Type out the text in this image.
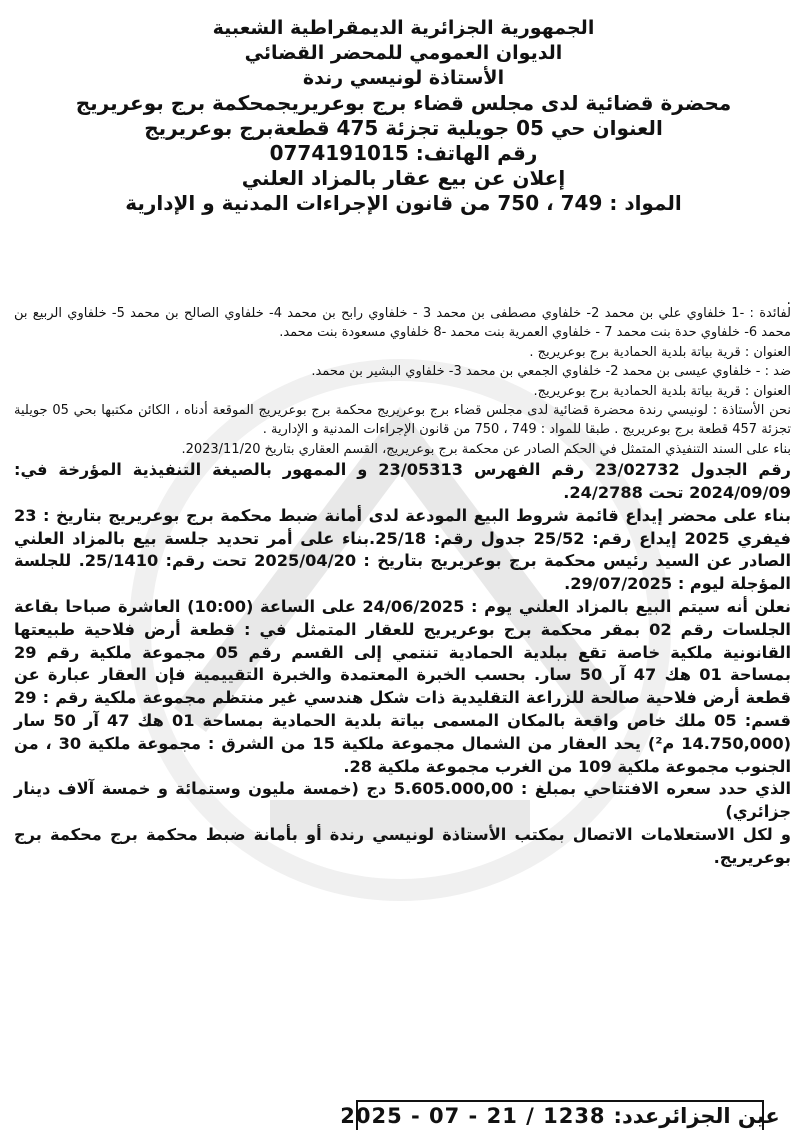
الجمهورية الجزائرية الديمقراطية الشعبية
الديوان العمومي للمحضر القضائي
الأستاذة لونيسي رندة
محضرة قضائية لدى مجلس قضاء برج بوعريريجمحكمة برج بوعريريج
العنوان حي 05 جويلية تجزئة 475 قطعةبرج بوعريريج
رقم الهاتف: 0774191015
إعلان عن بيع عقار بالمزاد العلني
المواد : 749 ، 750 من قانون الإجراءات المدنية و الإدارية
.

لفائدة : -1 خلفاوي علي بن محمد 2- خلفاوي مصطفى بن محمد 3 - خلفاوي رابح بن محمد 4- خلفاوي الصالح بن محمد 5- خلفاوي الربيع بن محمد 6- خلفاوي حدة بنت محمد 7 - خلفاوي العمرية بنت محمد -8 خلفاوي مسعودة بنت محمد.

العنوان : قرية بياتة بلدية الحمادية برج بوعريريج .

ضد : - خلفاوي عيسى بن محمد 2- خلفاوي الجمعي بن محمد 3- خلفاوي البشير بن محمد.

العنوان : قرية بياتة بلدية الحمادية برج بوعريريج.

نحن الأستاذة : لونيسي رندة محضرة قضائية لدى مجلس قضاء برج بوعريريج محكمة برج بوعريريج الموقعة أدناه ، الكائن مكتبها بحي 05 جويلية تجزئة 457 قطعة برج بوعريريج . طبقا للمواد : 749 ، 750 من قانون الإجراءات المدنية و الإدارية .

بناء على السند التنفيذي المتمثل في الحكم الصادر عن محكمة برج بوعريريج، القسم العقاري بتاريخ 2023/11/20.

رقم الجدول 23/02732 رقم الفهرس 23/05313 و الممهور بالصيغة التنفيذية المؤرخة في: 2024/09/09 تحت 24/2788.

بناء على محضر إيداع قائمة شروط البيع المودعة لدى أمانة ضبط محكمة برج بوعريريج بتاريخ : 23 فيفري 2025 إيداع رقم: 25/52 جدول رقم: 25/18.بناء على أمر تحديد جلسة بيع بالمزاد العلني الصادر عن السيد رئيس محكمة برج بوعريريج بتاريخ : 2025/04/20 تحت رقم: 25/1410. للجلسة المؤجلة ليوم : 29/07/2025.

نعلن أنه سيتم البيع بالمزاد العلني يوم : 24/06/2025 على الساعة (10:00) العاشرة صباحا بقاعة الجلسات رقم 02 بمقر محكمة برج بوعريريج للعقار المتمثل في : قطعة أرض فلاحية طبيعتها القانونية ملكية خاصة تقع ببلدية الحمادية تنتمي إلى القسم رقم 05 مجموعة ملكية رقم 29 بمساحة 01 هك 47 آر 50 سار. بحسب الخبرة المعتمدة والخبرة التقييمية فإن العقار عبارة عن قطعة أرض فلاحية صالحة للزراعة التقليدية ذات شكل هندسي غير منتظم مجموعة ملكية رقم : 29 قسم: 05 ملك خاص واقعة بالمكان المسمى بياتة بلدية الحمادية بمساحة 01 هك 47 آر 50 سار (14.750,000 م²) يحد العقار من الشمال مجموعة ملكية 15 من الشرق : مجموعة ملكية 30 ، من الجنوب مجموعة ملكية 109 من الغرب مجموعة ملكية 28.

الذي حدد سعره الافتتاحي بمبلغ : 5.605.000,00 دج (خمسة مليون وستمائة و خمسة آلاف دينار جزائري)

و لكل الاستعلامات الاتصال بمكتب الأستاذة لونيسي رندة أو بأمانة ضبط محكمة برج محكمة برج بوعريريج.

عين الجزائرعدد:
2025 - 07 - 21 / 1238
